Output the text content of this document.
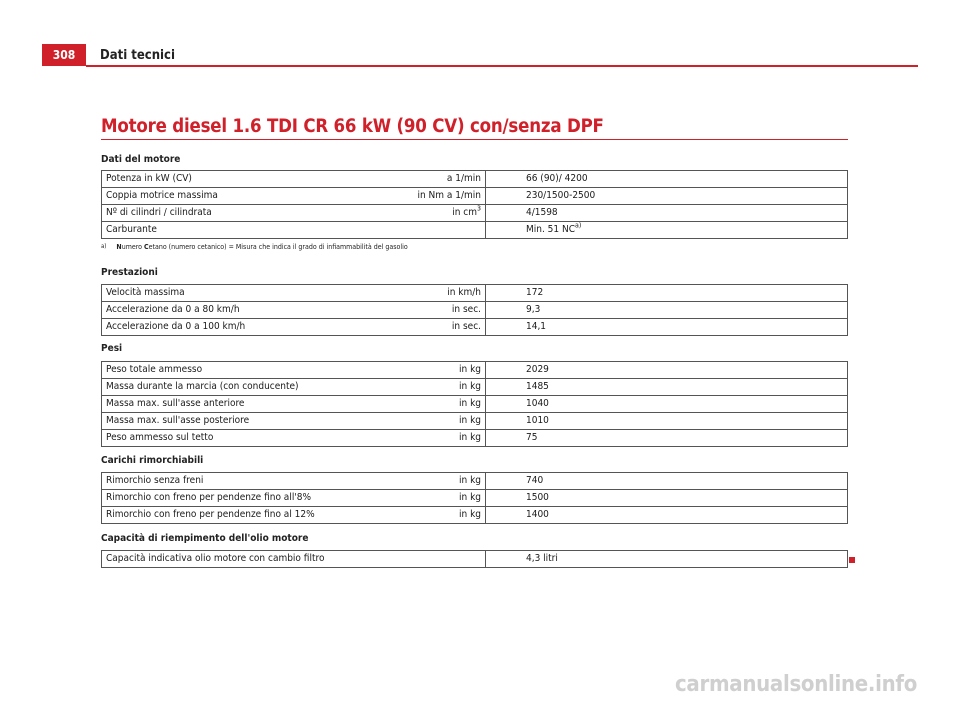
308	Dati tecnici
Motore diesel 1.6 TDI CR 66 kW (90 CV) con/senza DPF
Dati del motore
Potenza in kW (CV)	a 1/min	66 (90)/ 4200
Coppia motrice massima	in Nm a 1/min	230/1500-2500
Nº di cilindri / cilindrata	in $cm^3$	4/1598
Carburante		Min. 51 NC$^{a)}$
a) Numero Cetano (numero cetanico) = Misura che indica il grado di infiammabilità del gasolio
Prestazioni
Velocità massima	in km/h	172
Accelerazione da 0 a 80 km/h	in sec.	9,3
Accelerazione da 0 a 100 km/h	in sec.	14,1
Pesi
Peso totale ammesso	in kg	2029
Massa durante la marcia (con conducente)	in kg	1485
Massa max. sull'asse anteriore	in kg	1040
Massa max. sull'asse posteriore	in kg	1010
Peso ammesso sul tetto	in kg	75
Carichi rimorchiabili
Rimorchio senza freni	in kg	740
Rimorchio con freno per pendenze fino all'8%	in kg	1500
Rimorchio con freno per pendenze fino al 12%	in kg	1400
Capacità di riempimento dell'olio motore
Capacità indicativa olio motore con cambio filtro		4,3 litri
carmanualsonline.info
